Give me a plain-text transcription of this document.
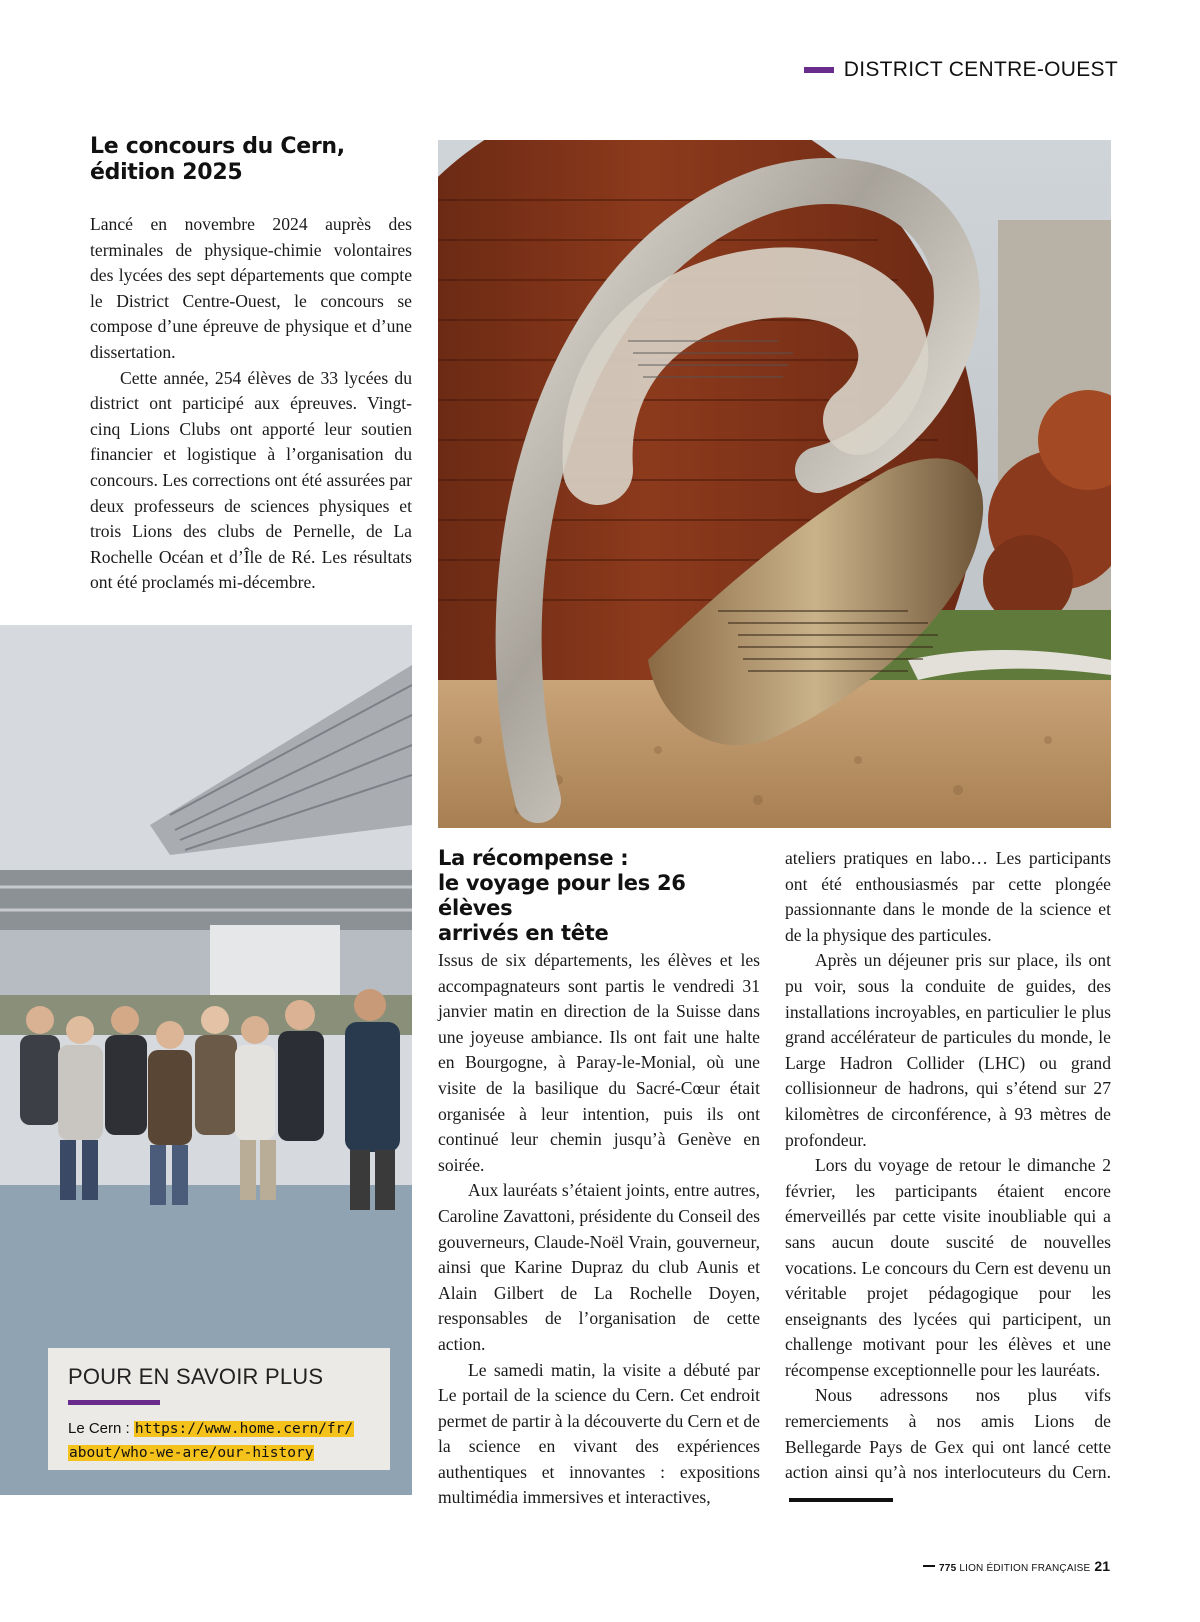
DISTRICT CENTRE-OUEST
Le concours du Cern,
édition 2025

Lancé en novembre 2024 auprès des terminales de physique-chimie volontaires des lycées des sept départements que compte le District Centre-Ouest, le concours se compose d’une épreuve de physique et d’une dissertation.

Cette année, 254 élèves de 33 lycées du district ont participé aux épreuves. Vingt-cinq Lions Clubs ont apporté leur soutien financier et logistique à l’organisation du concours. Les corrections ont été assurées par deux professeurs de sciences physiques et trois Lions des clubs de Pernelle, de La Rochelle Océan et d’Île de Ré. Les résultats ont été proclamés mi-décembre.

POUR EN SAVOIR PLUS
Le Cern : https://www.home.cern/fr/
about/who-we-are/our-history
La récompense :
le voyage pour les 26 élèves
arrivés en tête

Issus de six départements, les élèves et les accompagnateurs sont partis le vendredi 31 janvier matin en direction de la Suisse dans une joyeuse ambiance. Ils ont fait une halte en Bourgogne, à Paray-le-Monial, où une visite de la basilique du Sacré-Cœur était organisée à leur intention, puis ils ont continué leur chemin jusqu’à Genève en soirée.

Aux lauréats s’étaient joints, entre autres, Caroline Zavattoni, présidente du Conseil des gouverneurs, Claude-Noël Vrain, gouverneur, ainsi que Karine Dupraz du club Aunis et Alain Gilbert de La Rochelle Doyen, responsables de l’organisation de cette action.

Le samedi matin, la visite a débuté par Le portail de la science du Cern. Cet endroit permet de partir à la découverte du Cern et de la science en vivant des expériences authentiques et innovantes : expositions multimédia immersives et interactives,

ateliers pratiques en labo… Les participants ont été enthousiasmés par cette plongée passionnante dans le monde de la science et de la physique des particules.

Après un déjeuner pris sur place, ils ont pu voir, sous la conduite de guides, des installations incroyables, en particulier le plus grand accélérateur de particules du monde, le Large Hadron Collider (LHC) ou grand collisionneur de hadrons, qui s’étend sur 27 kilomètres de circonférence, à 93 mètres de profondeur.

Lors du voyage de retour le dimanche 2 février, les participants étaient encore émerveillés par cette visite inoubliable qui a sans aucun doute suscité de nouvelles vocations. Le concours du Cern est devenu un véritable projet pédagogique pour les enseignants des lycées qui participent, un challenge motivant pour les élèves et une récompense exceptionnelle pour les lauréats.

Nous adressons nos plus vifs remerciements à nos amis Lions de Bellegarde Pays de Gex qui ont lancé cette action ainsi qu’à nos interlocuteurs du Cern.

775 LION ÉDITION FRANÇAISE 21
